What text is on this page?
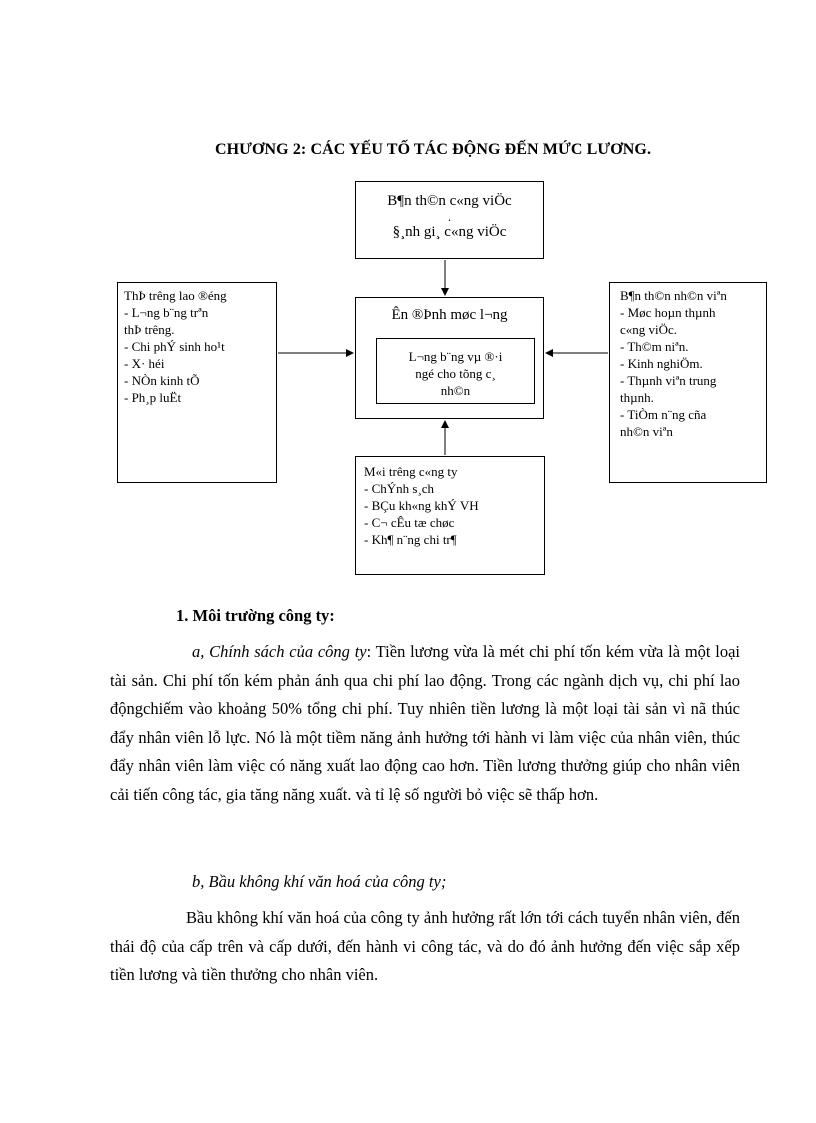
CHƯƠNG 2: CÁC YẾU TỐ TÁC ĐỘNG ĐẾN MỨC LƯƠNG.
B¶n th©n c«ng viÖc
.
§¸nh gi¸ c«ng viÖc
Ên ®Þnh møc l¬ng
L¬ng b¨ng vµ ®·i
ngé cho tõng c¸
nh©n
ThÞ trêng lao ®éng
- L¬ng b¨ng trªn
thÞ trêng.
- Chi phÝ sinh ho¹t
- X· héi
- NÒn kinh tÕ
- Ph¸p luËt
B¶n th©n nh©n viªn
- Møc hoµn thµnh
c«ng viÖc.
- Th©m niªn.
- Kinh nghiÖm.
- Thµnh viªn trung
thµnh.
- TiÒm n¨ng cña
nh©n viªn
M«i trêng c«ng ty
- ChÝnh s¸ch
- BÇu kh«ng khÝ VH
- C¬ cÊu tæ chøc
- Kh¶ n¨ng chi tr¶

1. Môi trường công ty:

a, Chính sách của công ty: Tiền lương vừa là mét chi phí tốn kém vừa là một loại tài sản. Chi phí tốn kém phản ánh qua chi phí lao động. Trong các ngành dịch vụ, chi phí lao độngchiếm vào khoảng 50% tổng chi phí. Tuy nhiên tiền lương là một loại tài sản vì nã thúc đẩy nhân viên lỗ lực. Nó là một tiềm năng ảnh hưởng tới hành vi làm việc của nhân viên, thúc đẩy nhân viên làm việc có năng xuất lao động cao hơn. Tiền lương thưởng giúp cho nhân viên cải tiến công tác, gia tăng năng xuất. và tỉ lệ số người bỏ việc sẽ thấp hơn.

b, Bầu không khí văn hoá của công ty;

Bầu không khí văn hoá của công ty ảnh hưởng rất lớn tới cách tuyển nhân viên, đến thái độ của cấp trên và cấp dưới, đến hành vi công tác, và do đó ảnh hưởng đến việc sắp xếp tiền lương và tiền thưởng cho nhân viên.
